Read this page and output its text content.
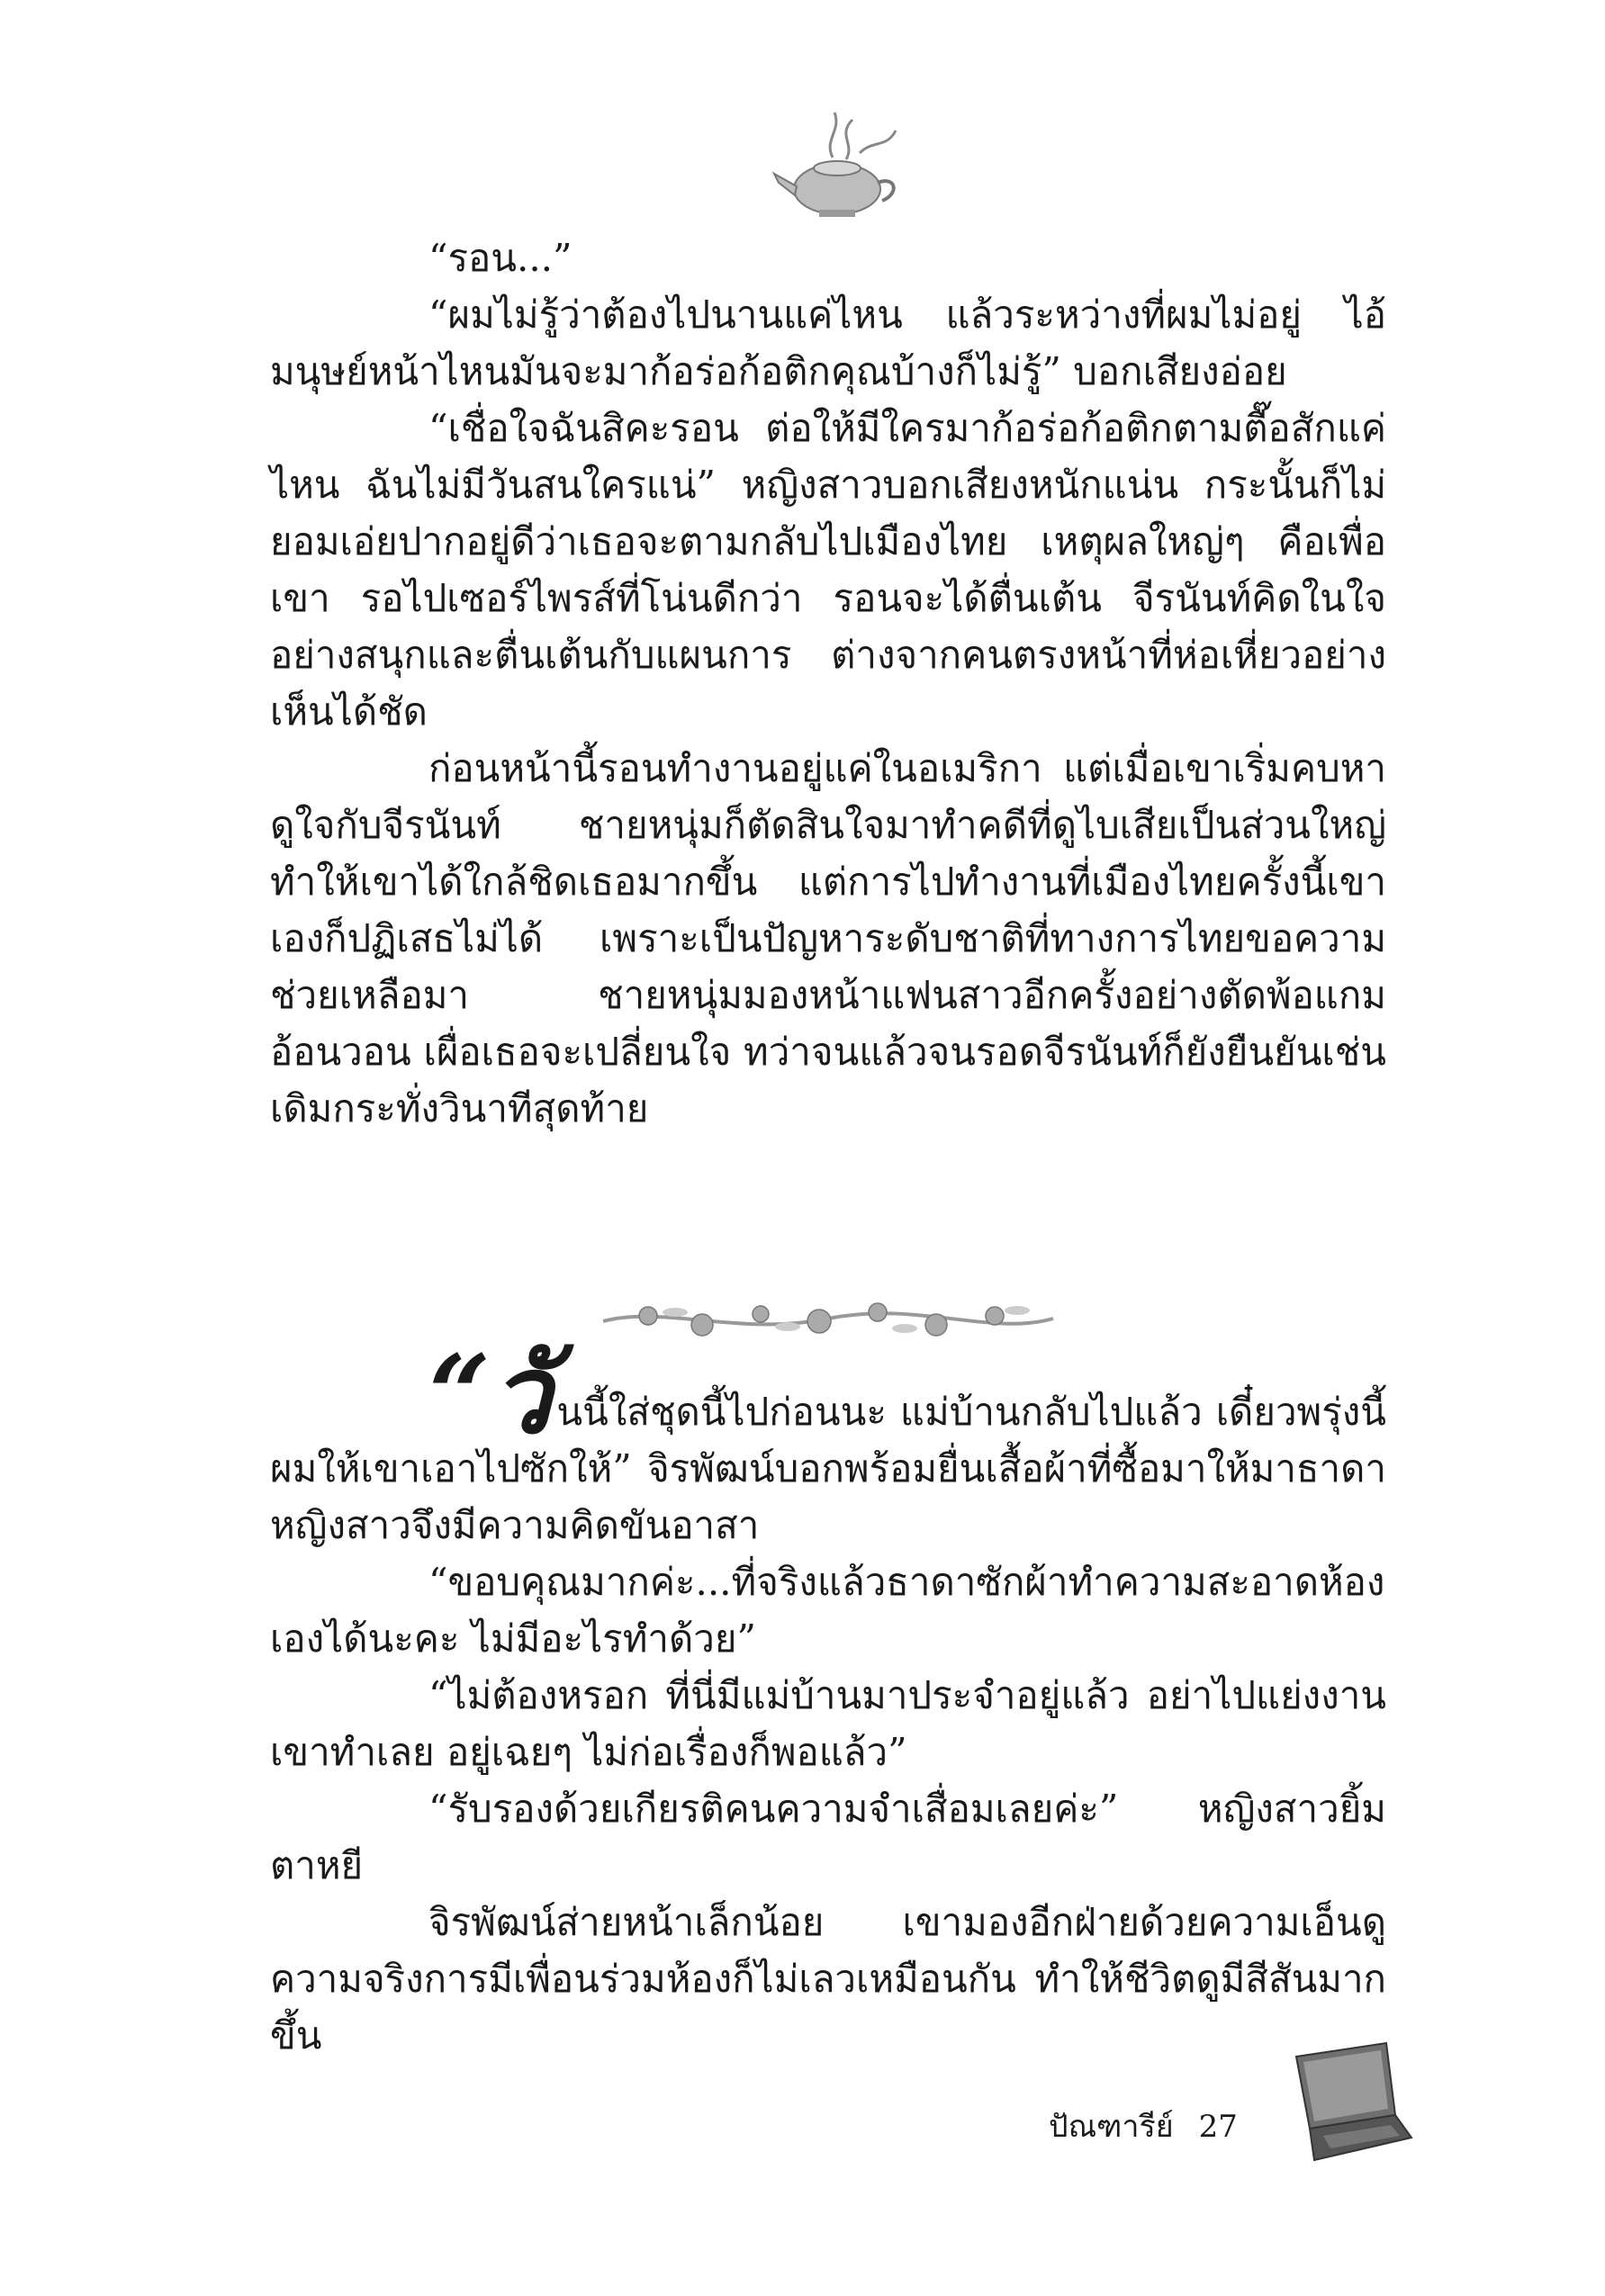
“รอน...”

“ผมไม่รู้ว่าต้องไปนานแค่ไหน แล้วระหว่างที่ผมไม่อยู่ ไอ้มนุษย์หน้าไหนมันจะมาก้อร่อก้อติกคุณบ้างก็ไม่รู้” บอกเสียงอ่อย

“เชื่อใจฉันสิคะรอน ต่อให้มีใครมาก้อร่อก้อติกตามตื๊อสักแค่ไหน ฉันไม่มีวันสนใครแน่” หญิงสาวบอกเสียงหนักแน่น กระนั้นก็ไม่ยอมเอ่ยปากอยู่ดีว่าเธอจะตามกลับไปเมืองไทย เหตุผลใหญ่ๆ คือเพื่อเขา รอไปเซอร์ไพรส์ที่โน่นดีกว่า รอนจะได้ตื่นเต้น จีรนันท์คิดในใจอย่างสนุกและตื่นเต้นกับแผนการ ต่างจากคนตรงหน้าที่ห่อเหี่ยวอย่างเห็นได้ชัด

ก่อนหน้านี้รอนทำงานอยู่แค่ในอเมริกา แต่เมื่อเขาเริ่มคบหาดูใจกับจีรนันท์ ชายหนุ่มก็ตัดสินใจมาทำคดีที่ดูไบเสียเป็นส่วนใหญ่ ทำให้เขาได้ใกล้ชิดเธอมากขึ้น แต่การไปทำงานที่เมืองไทยครั้งนี้เขาเองก็ปฏิเสธไม่ได้ เพราะเป็นปัญหาระดับชาติที่ทางการไทยขอความช่วยเหลือมา ชายหนุ่มมองหน้าแฟนสาวอีกครั้งอย่างตัดพ้อแกมอ้อนวอน เผื่อเธอจะเปลี่ยนใจ ทว่าจนแล้วจนรอดจีรนันท์ก็ยังยืนยันเช่นเดิมกระทั่งวินาทีสุดท้าย

“วันนี้ใส่ชุดนี้ไปก่อนนะ แม่บ้านกลับไปแล้ว เดี๋ยวพรุ่งนี้ผมให้เขาเอาไปซักให้” จิรพัฒน์บอกพร้อมยื่นเสื้อผ้าที่ซื้อมาให้มาธาดา หญิงสาวจึงมีความคิดขันอาสา

“ขอบคุณมากค่ะ...ที่จริงแล้วธาดาซักผ้าทำความสะอาดห้องเองได้นะคะ ไม่มีอะไรทำด้วย”

“ไม่ต้องหรอก ที่นี่มีแม่บ้านมาประจำอยู่แล้ว อย่าไปแย่งงานเขาทำเลย อยู่เฉยๆ ไม่ก่อเรื่องก็พอแล้ว”

“รับรองด้วยเกียรติคนความจำเสื่อมเลยค่ะ” หญิงสาวยิ้มตาหยี

จิรพัฒน์ส่ายหน้าเล็กน้อย เขามองอีกฝ่ายด้วยความเอ็นดู ความจริงการมีเพื่อนร่วมห้องก็ไม่เลวเหมือนกัน ทำให้ชีวิตดูมีสีสันมากขึ้น

ปัณฑารีย์ 27
